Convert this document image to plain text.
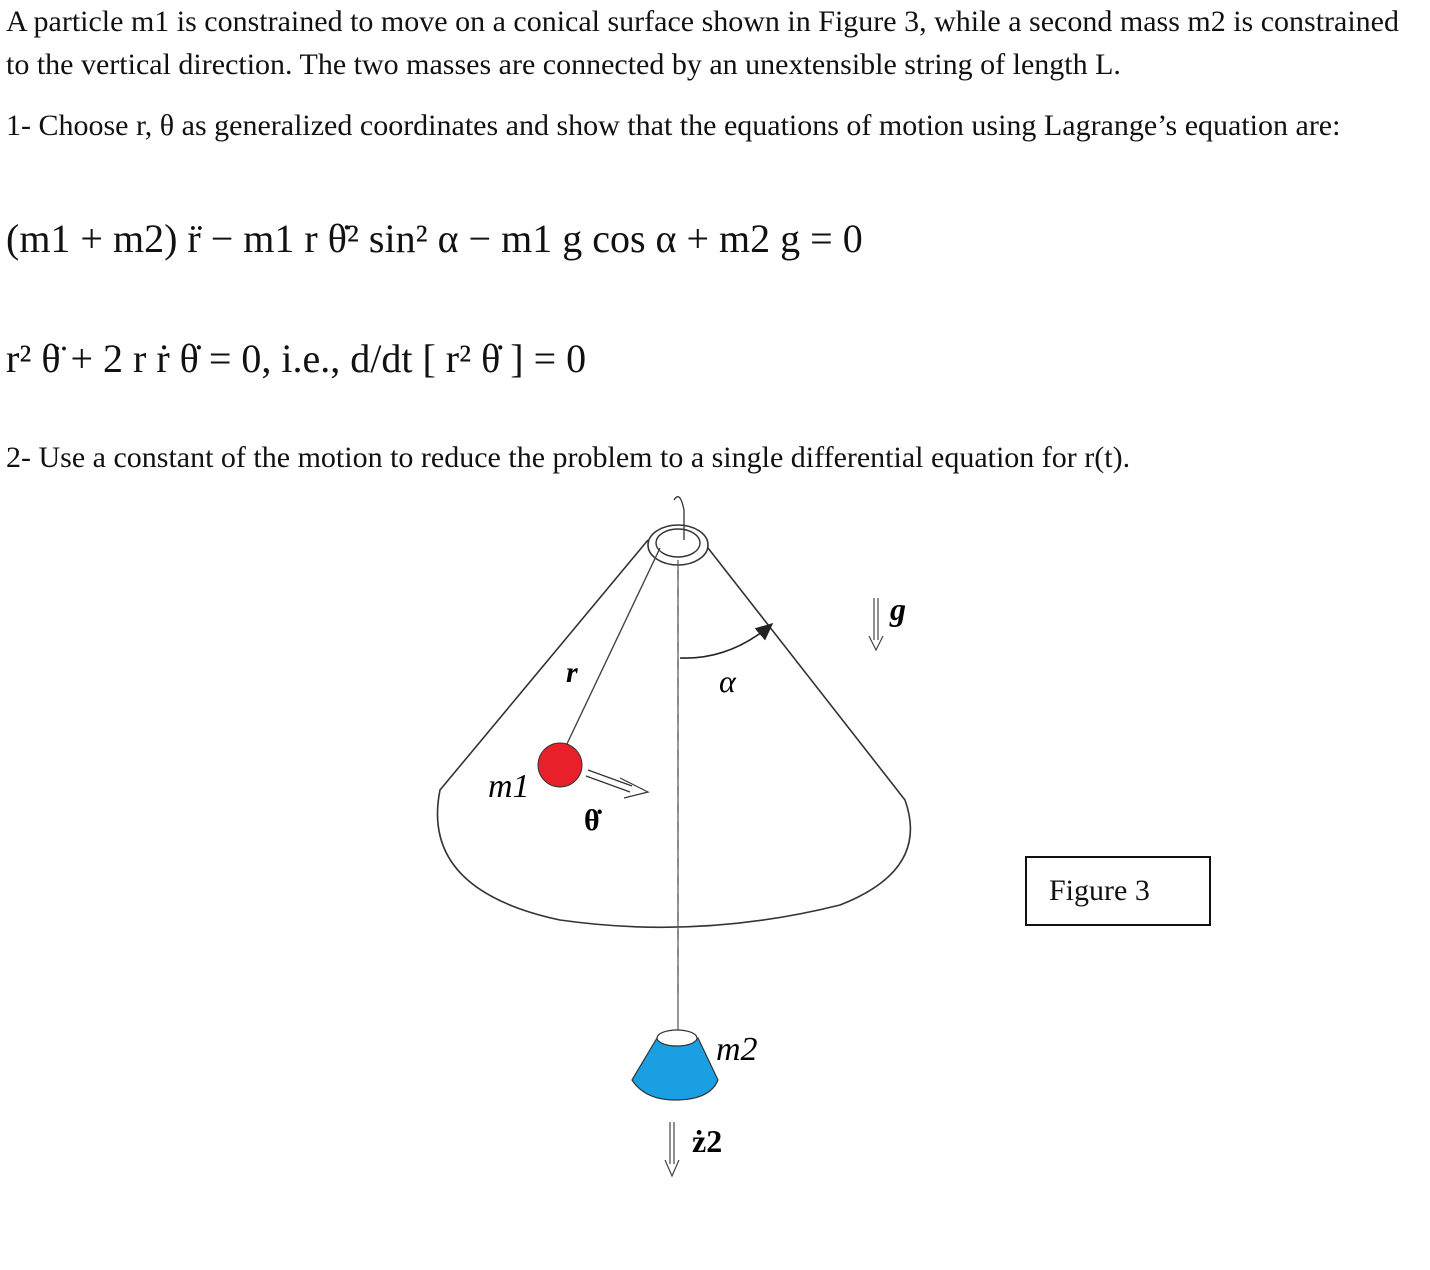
A particle m1 is constrained to move on a conical surface shown in Figure 3, while a second mass m2 is constrained to the vertical direction. The two masses are connected by an unextensible string of length L.
1- Choose r, θ as generalized coordinates and show that the equations of motion using Lagrange’s equation are:
(m1 + m2) r̈ − m1 r θ̇² sin² α − m1 g cos α + m2 g = 0
r² θ̈ + 2 r ṙ θ̇ = 0, i.e., d/dt [ r² θ̇ ] = 0
2- Use a constant of the motion to reduce the problem to a single differential equation for r(t).
r	α
m1
θ̇
g
m2
ż2
Figure 3
